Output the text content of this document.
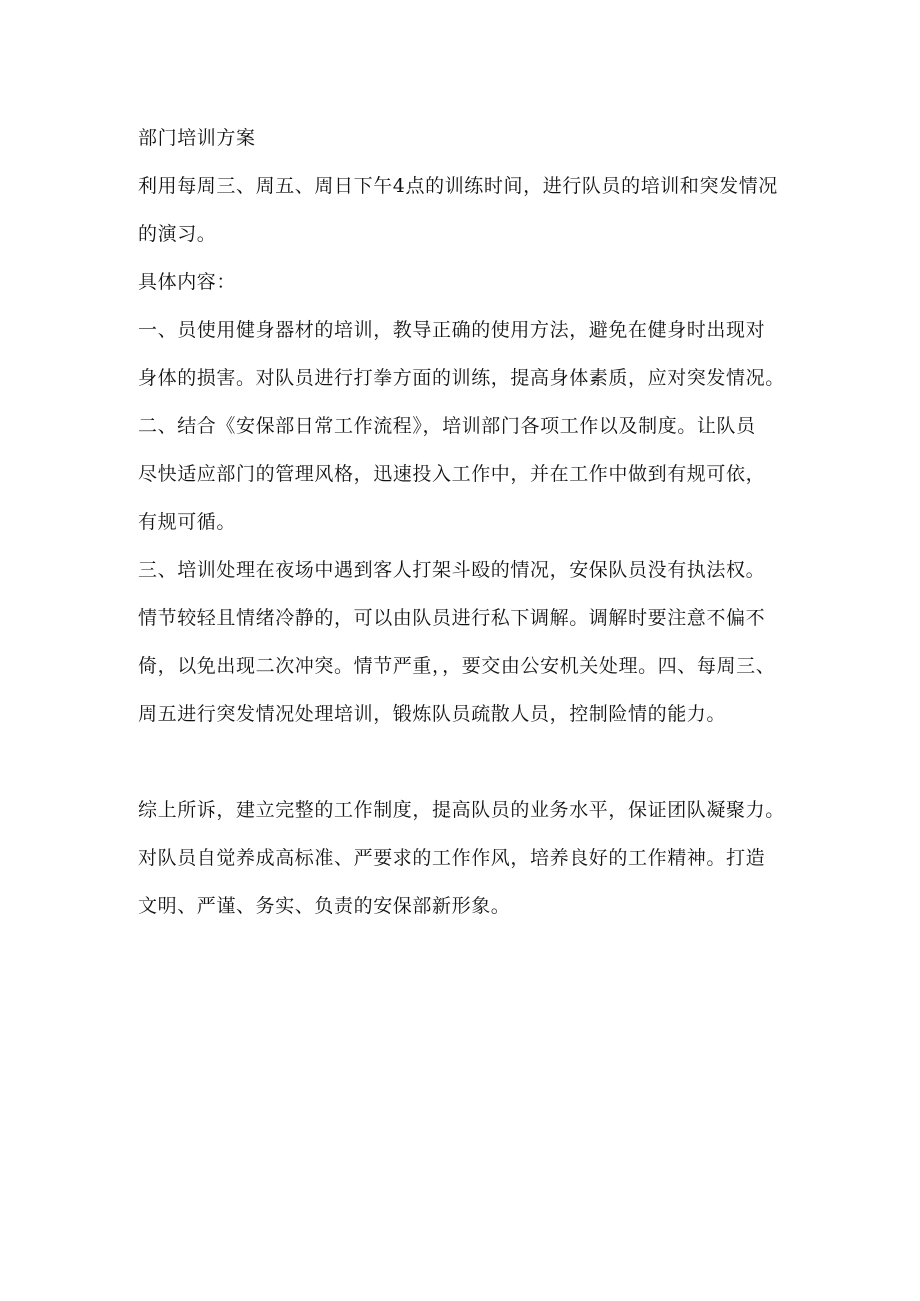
部门培训方案
利用每周三、周五、周日下午4点的训练时间，进行队员的培训和突发情况
的演习。
具体内容：
一、员使用健身器材的培训，教导正确的使用方法，避免在健身时出现对
身体的损害。对队员进行打拳方面的训练，提高身体素质，应对突发情况。
二、结合《安保部日常工作流程》，培训部门各项工作以及制度。让队员
尽快适应部门的管理风格，迅速投入工作中，并在工作中做到有规可依，
有规可循。
三、培训处理在夜场中遇到客人打架斗殴的情况，安保队员没有执法权。
情节较轻且情绪冷静的，可以由队员进行私下调解。调解时要注意不偏不
倚，以免出现二次冲突。情节严重，，要交由公安机关处理。四、每周三、
周五进行突发情况处理培训，锻炼队员疏散人员，控制险情的能力。
综上所诉，建立完整的工作制度，提高队员的业务水平，保证团队凝聚力。
对队员自觉养成高标准、严要求的工作作风，培养良好的工作精神。打造
文明、严谨、务实、负责的安保部新形象。
